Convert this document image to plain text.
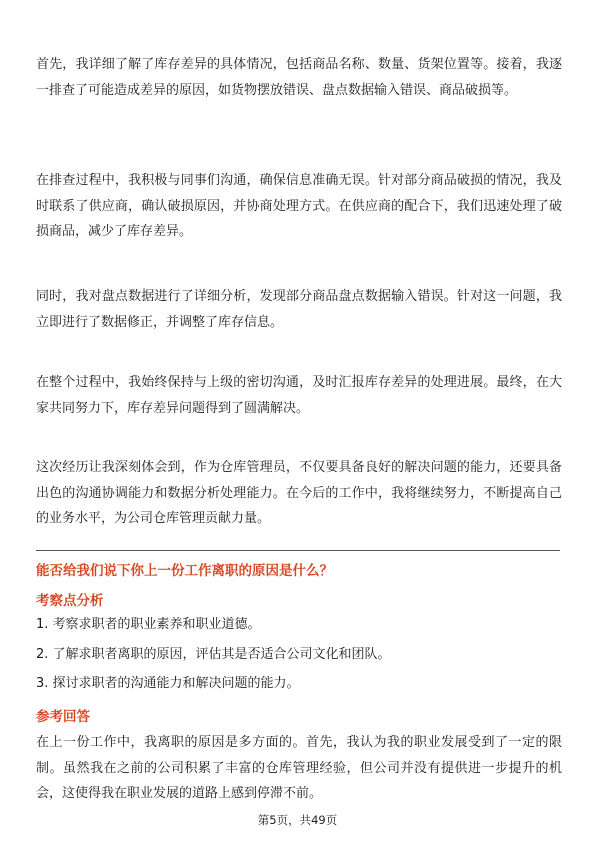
首先，我详细了解了库存差异的具体情况，包括商品名称、数量、货架位置等。接着，我逐一排查了可能造成差异的原因，如货物摆放错误、盘点数据输入错误、商品破损等。

在排查过程中，我积极与同事们沟通，确保信息准确无误。针对部分商品破损的情况，我及时联系了供应商，确认破损原因，并协商处理方式。在供应商的配合下，我们迅速处理了破损商品，减少了库存差异。

同时，我对盘点数据进行了详细分析，发现部分商品盘点数据输入错误。针对这一问题，我立即进行了数据修正，并调整了库存信息。

在整个过程中，我始终保持与上级的密切沟通，及时汇报库存差异的处理进展。最终，在大家共同努力下，库存差异问题得到了圆满解决。

这次经历让我深刻体会到，作为仓库管理员，不仅要具备良好的解决问题的能力，还要具备出色的沟通协调能力和数据分析处理能力。在今后的工作中，我将继续努力，不断提高自己的业务水平，为公司仓库管理贡献力量。

能否给我们说下你上一份工作离职的原因是什么？

考察点分析

1. 考察求职者的职业素养和职业道德。

2. 了解求职者离职的原因，评估其是否适合公司文化和团队。

3. 探讨求职者的沟通能力和解决问题的能力。

参考回答

在上一份工作中，我离职的原因是多方面的。首先，我认为我的职业发展受到了一定的限制。虽然我在之前的公司积累了丰富的仓库管理经验，但公司并没有提供进一步提升的机会，这使得我在职业发展的道路上感到停滞不前。

第5页，共49页
